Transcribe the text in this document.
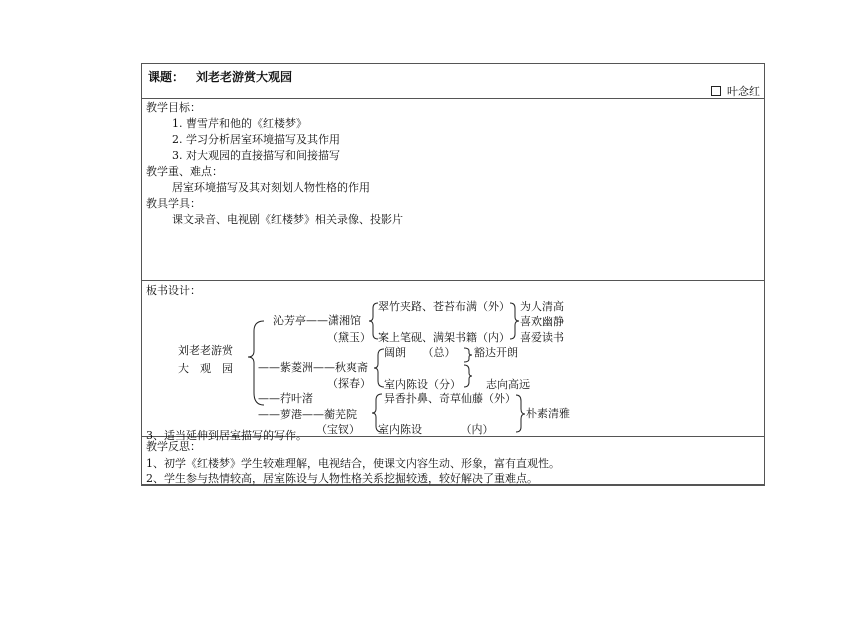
课题： 刘老老游赏大观园
叶念红
教学目标：
1. 曹雪芹和他的《红楼梦》
2. 学习分析居室环境描写及其作用
3. 对大观园的直接描写和间接描写
教学重、难点：
居室环境描写及其对刻划人物性格的作用
教具学具：
课文录音、电视剧《红楼梦》相关录像、投影片
板书设计：
刘老老游赏
大　观　园
沁芳亭——潇湘馆
（黛玉）
翠竹夹路、苍苔布满（外）
案上笔砚、满架书籍（内）
为人清高
喜欢幽静
喜爱读书
——紫菱洲——秋爽斋
（探春）
阔朗　　（总）
室内陈设（分）
豁达开朗
志向高远
——荇叶渚
——萝港——蘅芜院
（宝钗）
异香扑鼻、奇草仙藤（外）
室内陈设　　　　（内）
朴素清雅
教学反思：
1、初学《红楼梦》学生较难理解，电视结合，使课文内容生动、形象，富有直观性。
2、学生参与热情较高，居室陈设与人物性格关系挖掘较透，较好解决了重难点。
3、适当延伸到居室描写的写作。
